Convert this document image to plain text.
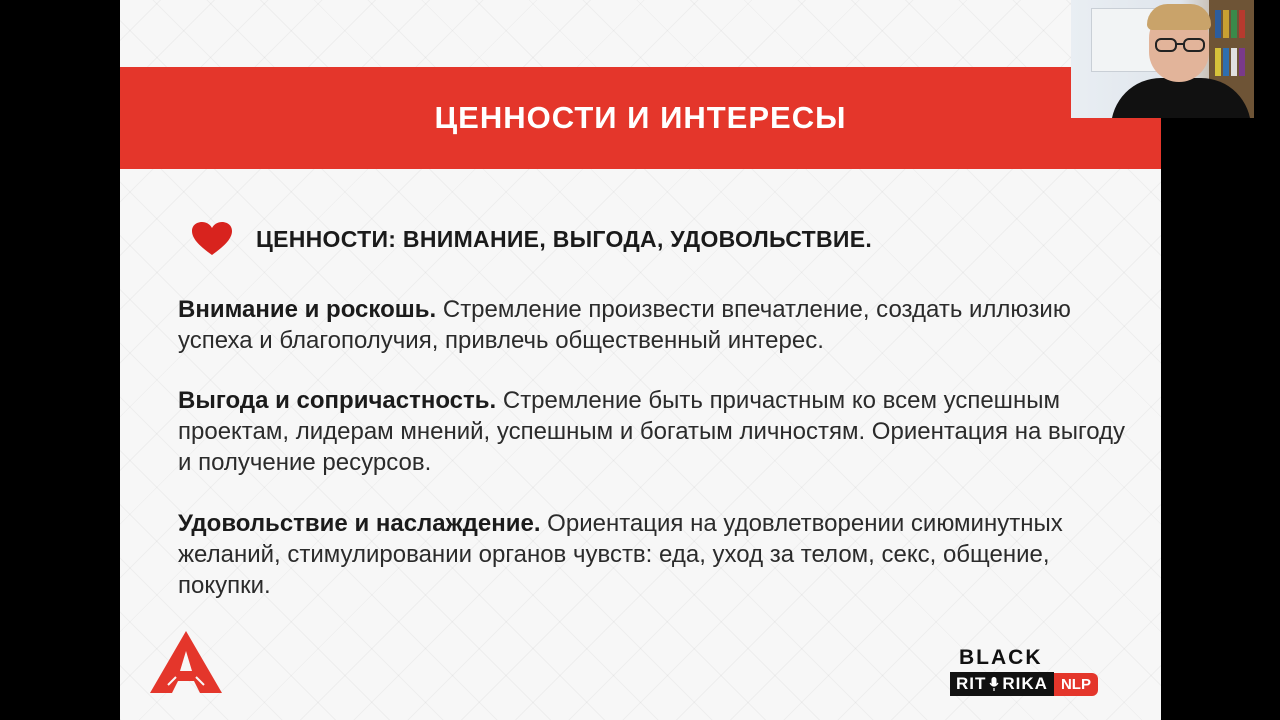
ЦЕННОСТИ И ИНТЕРЕСЫ
ЦЕННОСТИ: ВНИМАНИЕ, ВЫГОДА, УДОВОЛЬСТВИЕ.
Внимание и роскошь. Стремление произвести впечатление, создать иллюзию успеха и благополучия, привлечь общественный интерес.
Выгода и сопричастность. Стремление быть причастным ко всем успешным проектам, лидерам мнений, успешным и богатым личностям. Ориентация на выгоду и получение ресурсов.
Удовольствие и наслаждение. Ориентация на удовлетворении сиюминутных желаний, стимулировании органов чувств: еда, уход за телом, секс, общение, покупки.
BLACK
RIT RIKA NLP
